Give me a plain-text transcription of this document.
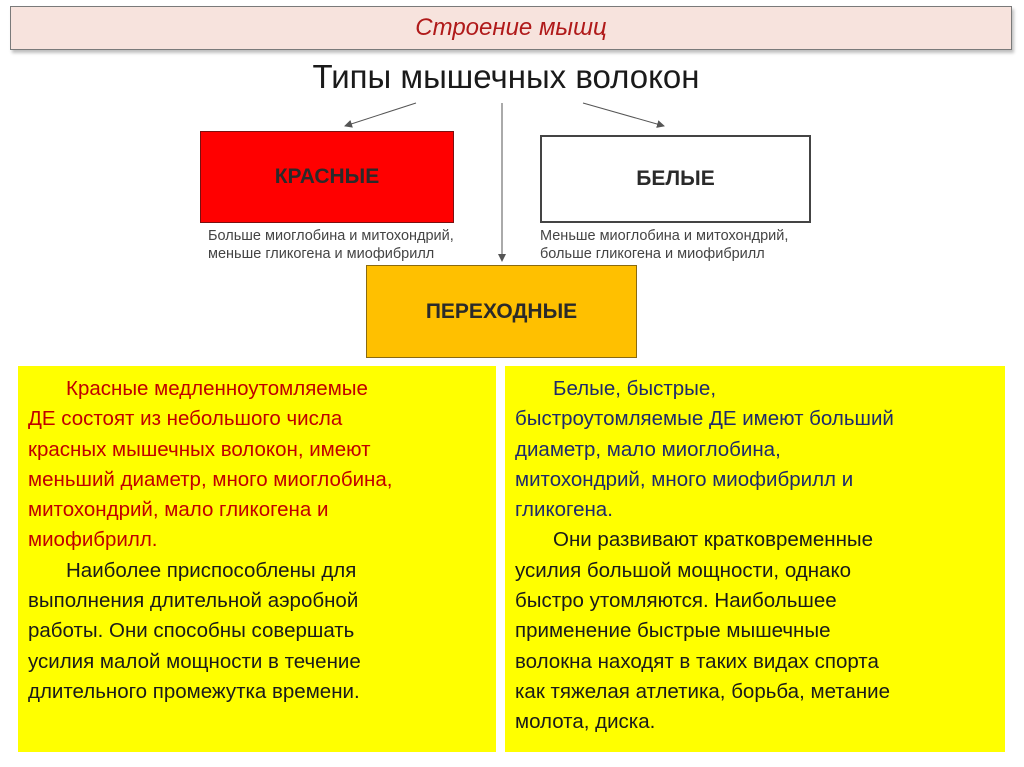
Строение мышц
Типы мышечных волокон
КРАСНЫЕ
Больше миоглобина и митохондрий,
меньше гликогена и миофибрилл
БЕЛЫЕ
Меньше миоглобина и митохондрий,
больше гликогена и миофибрилл
ПЕРЕХОДНЫЕ

Красные медленноутомляемые
ДЕ состоят из небольшого числа
красных мышечных волокон, имеют
меньший диаметр, много миоглобина,
митохондрий, мало гликогена и
миофибрилл.

Наиболее приспособлены для
выполнения длительной аэробной
работы. Они способны совершать
усилия малой мощности в течение
длительного промежутка времени.

Белые, быстрые,
быстроутомляемые ДЕ имеют больший
диаметр, мало миоглобина,
митохондрий, много миофибрилл и
гликогена.

Они развивают кратковременные
усилия большой мощности, однако
быстро утомляются. Наибольшее
применение быстрые мышечные
волокна находят в таких видах спорта
как тяжелая атлетика, борьба, метание
молота, диска.
